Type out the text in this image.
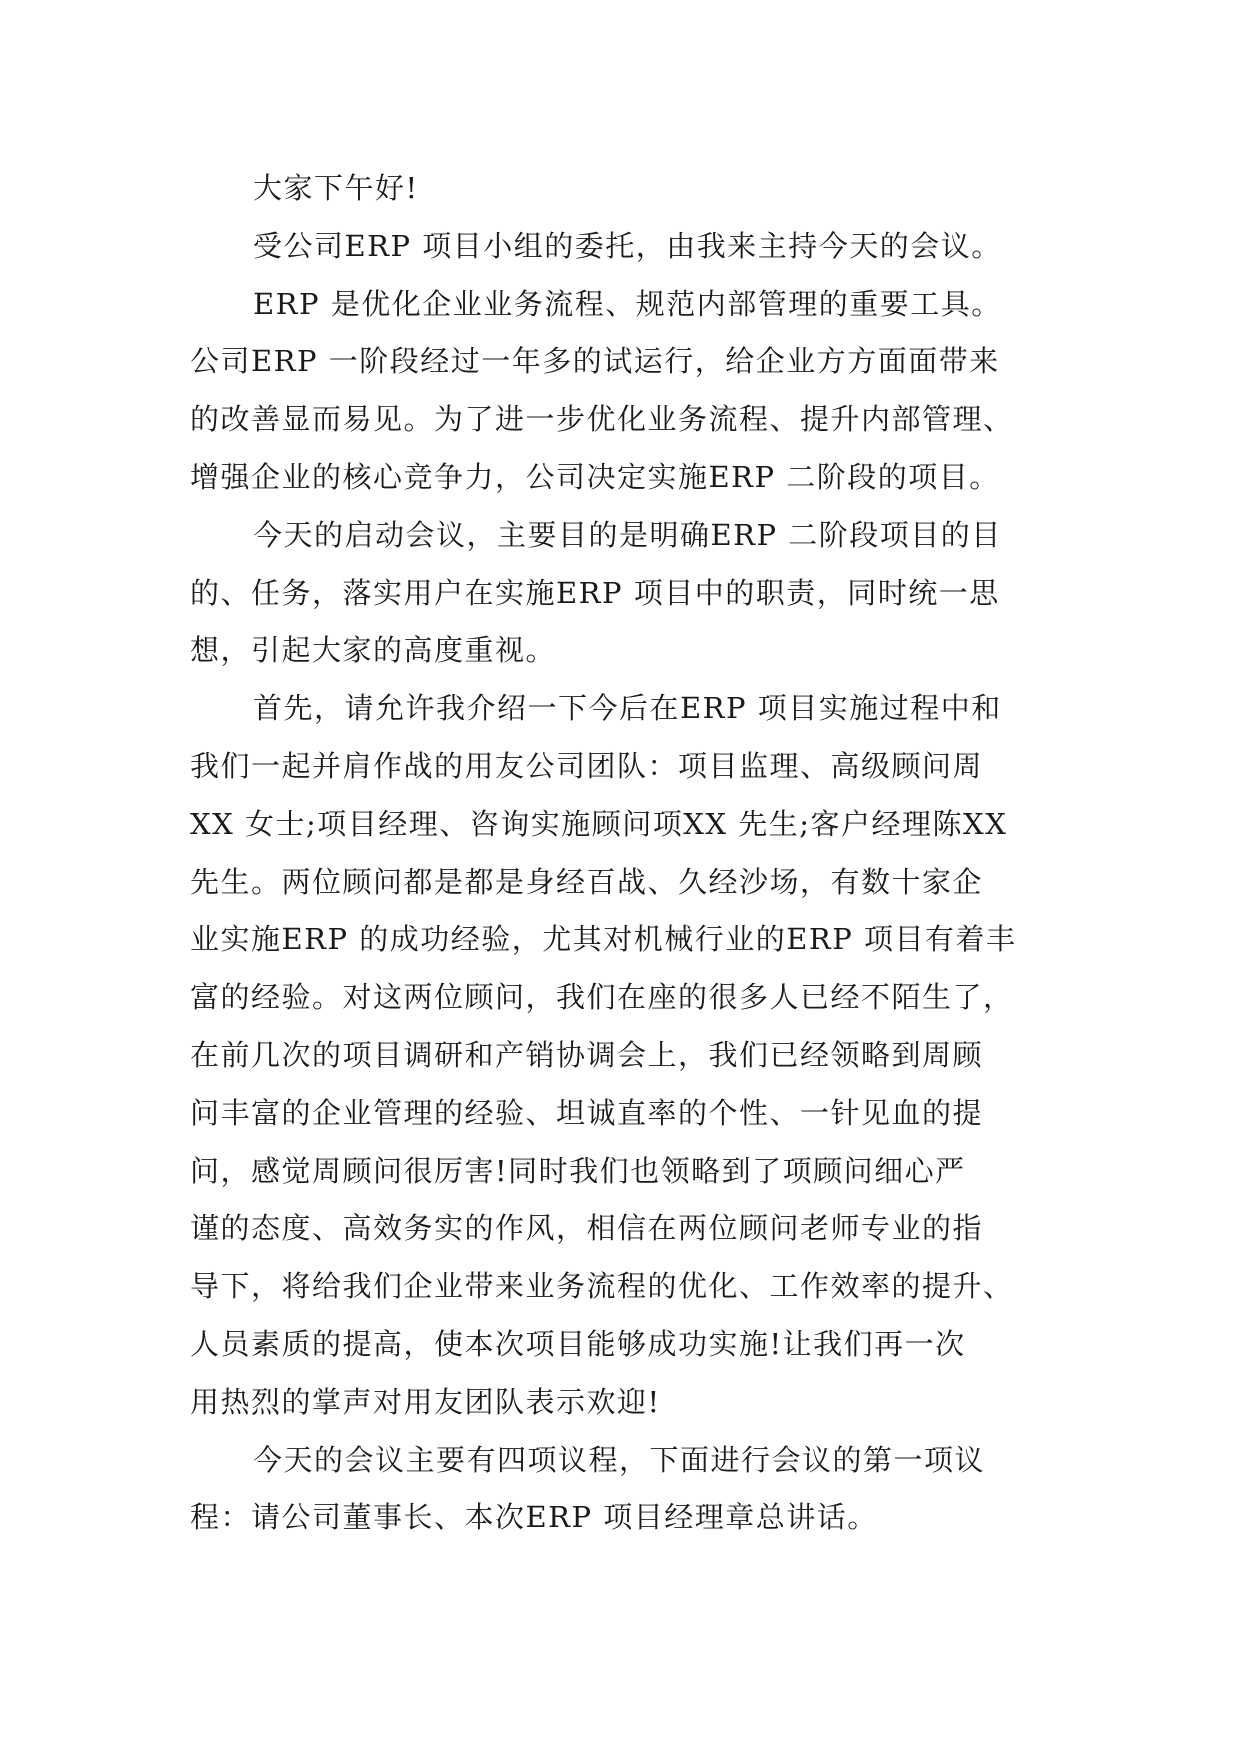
大家下午好!
受公司ERP 项目小组的委托，由我来主持今天的会议。
ERP 是优化企业业务流程、规范内部管理的重要工具。
公司ERP 一阶段经过一年多的试运行，给企业方方面面带来
的改善显而易见。为了进一步优化业务流程、提升内部管理、
增强企业的核心竞争力，公司决定实施ERP 二阶段的项目。
今天的启动会议，主要目的是明确ERP 二阶段项目的目
的、任务，落实用户在实施ERP 项目中的职责，同时统一思
想，引起大家的高度重视。
首先，请允许我介绍一下今后在ERP 项目实施过程中和
我们一起并肩作战的用友公司团队：项目监理、高级顾问周
XX 女士;项目经理、咨询实施顾问项XX 先生;客户经理陈XX
先生。两位顾问都是都是身经百战、久经沙场，有数十家企
业实施ERP 的成功经验，尤其对机械行业的ERP 项目有着丰
富的经验。对这两位顾问，我们在座的很多人已经不陌生了，
在前几次的项目调研和产销协调会上，我们已经领略到周顾
问丰富的企业管理的经验、坦诚直率的个性、一针见血的提
问，感觉周顾问很厉害!同时我们也领略到了项顾问细心严
谨的态度、高效务实的作风，相信在两位顾问老师专业的指
导下，将给我们企业带来业务流程的优化、工作效率的提升、
人员素质的提高，使本次项目能够成功实施!让我们再一次
用热烈的掌声对用友团队表示欢迎!
今天的会议主要有四项议程，下面进行会议的第一项议
程：请公司董事长、本次ERP 项目经理章总讲话。
